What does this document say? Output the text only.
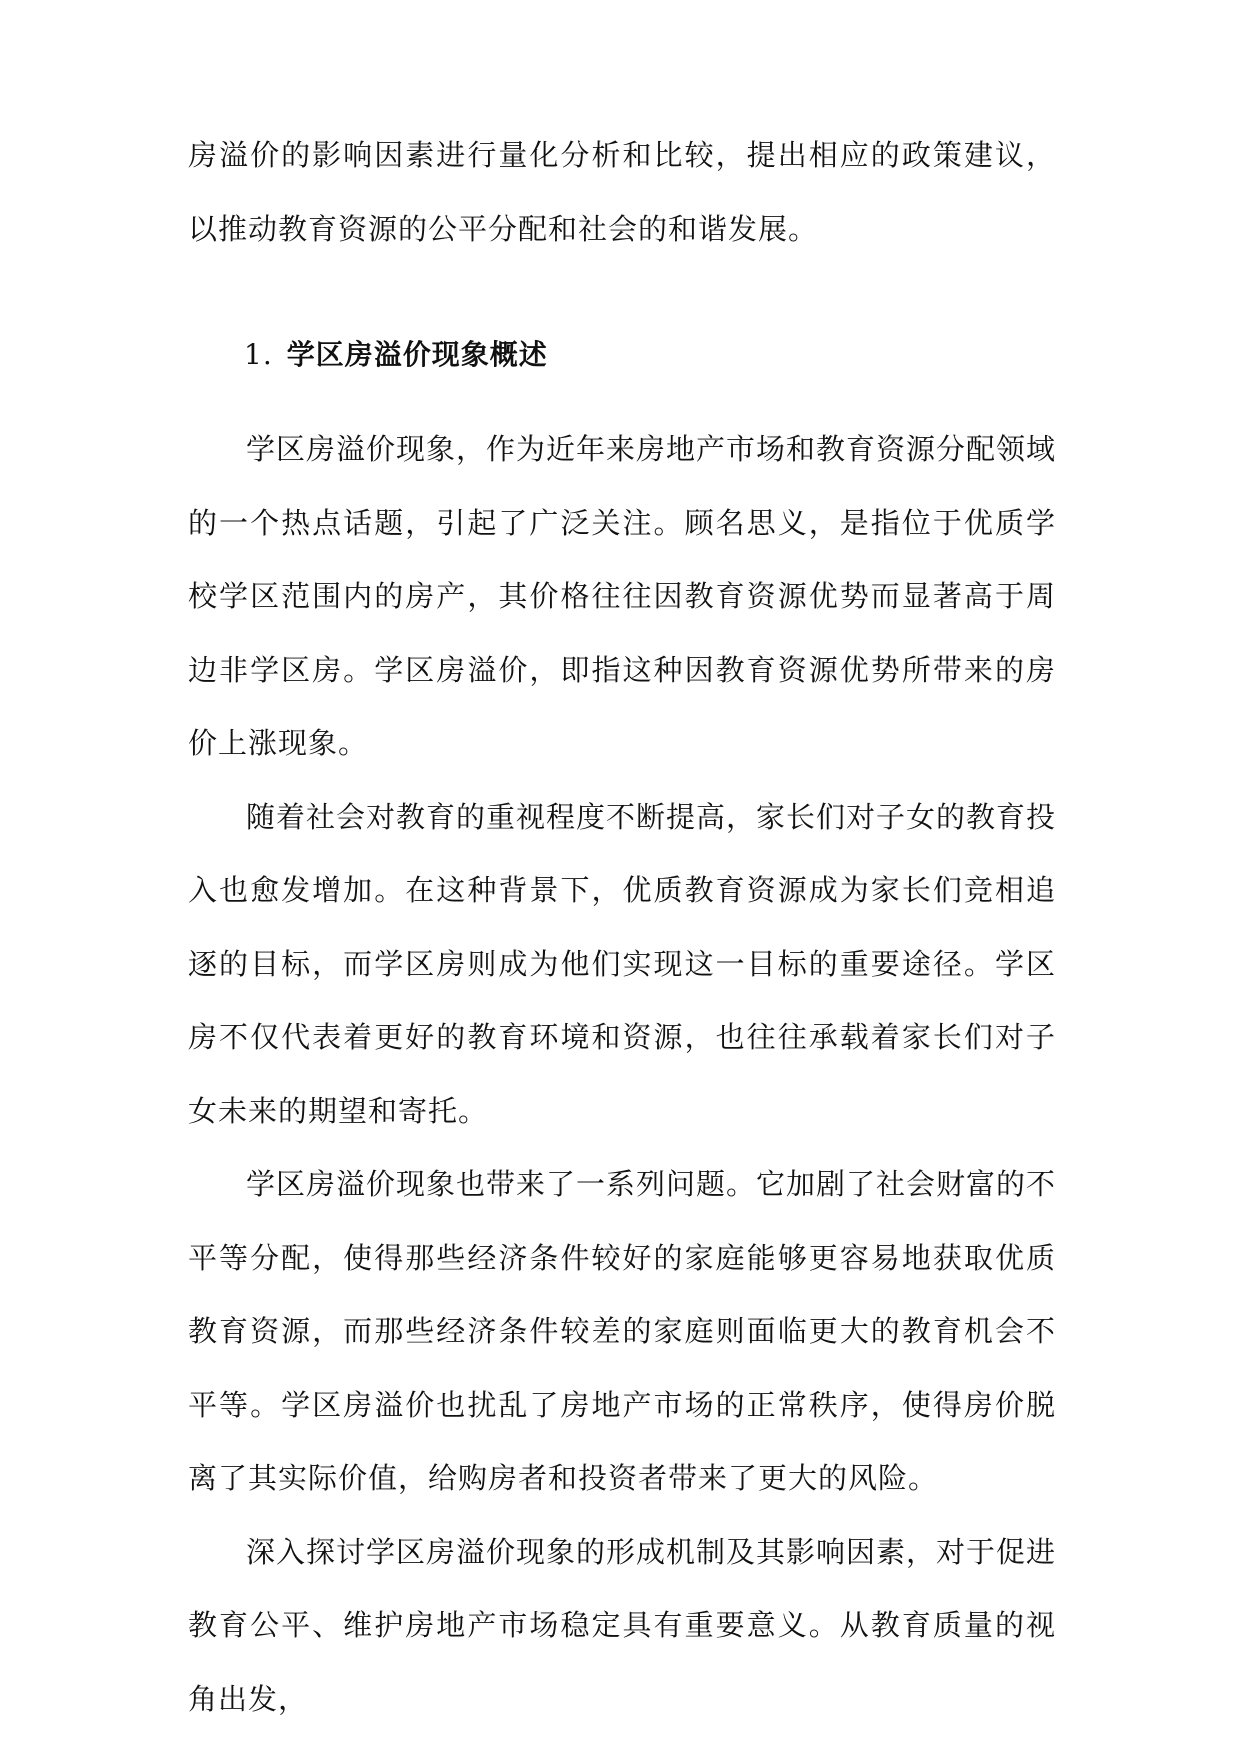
房溢价的影响因素进行量化分析和比较，提出相应的政策建议，以推动教育资源的公平分配和社会的和谐发展。

1. 学区房溢价现象概述

学区房溢价现象，作为近年来房地产市场和教育资源分配领域的一个热点话题，引起了广泛关注。顾名思义，是指位于优质学校学区范围内的房产，其价格往往因教育资源优势而显著高于周边非学区房。学区房溢价，即指这种因教育资源优势所带来的房价上涨现象。

随着社会对教育的重视程度不断提高，家长们对子女的教育投入也愈发增加。在这种背景下，优质教育资源成为家长们竞相追逐的目标，而学区房则成为他们实现这一目标的重要途径。学区房不仅代表着更好的教育环境和资源，也往往承载着家长们对子女未来的期望和寄托。

学区房溢价现象也带来了一系列问题。它加剧了社会财富的不平等分配，使得那些经济条件较好的家庭能够更容易地获取优质教育资源，而那些经济条件较差的家庭则面临更大的教育机会不平等。学区房溢价也扰乱了房地产市场的正常秩序，使得房价脱离了其实际价值，给购房者和投资者带来了更大的风险。

深入探讨学区房溢价现象的形成机制及其影响因素，对于促进教育公平、维护房地产市场稳定具有重要意义。从教育质量的视角出发，
